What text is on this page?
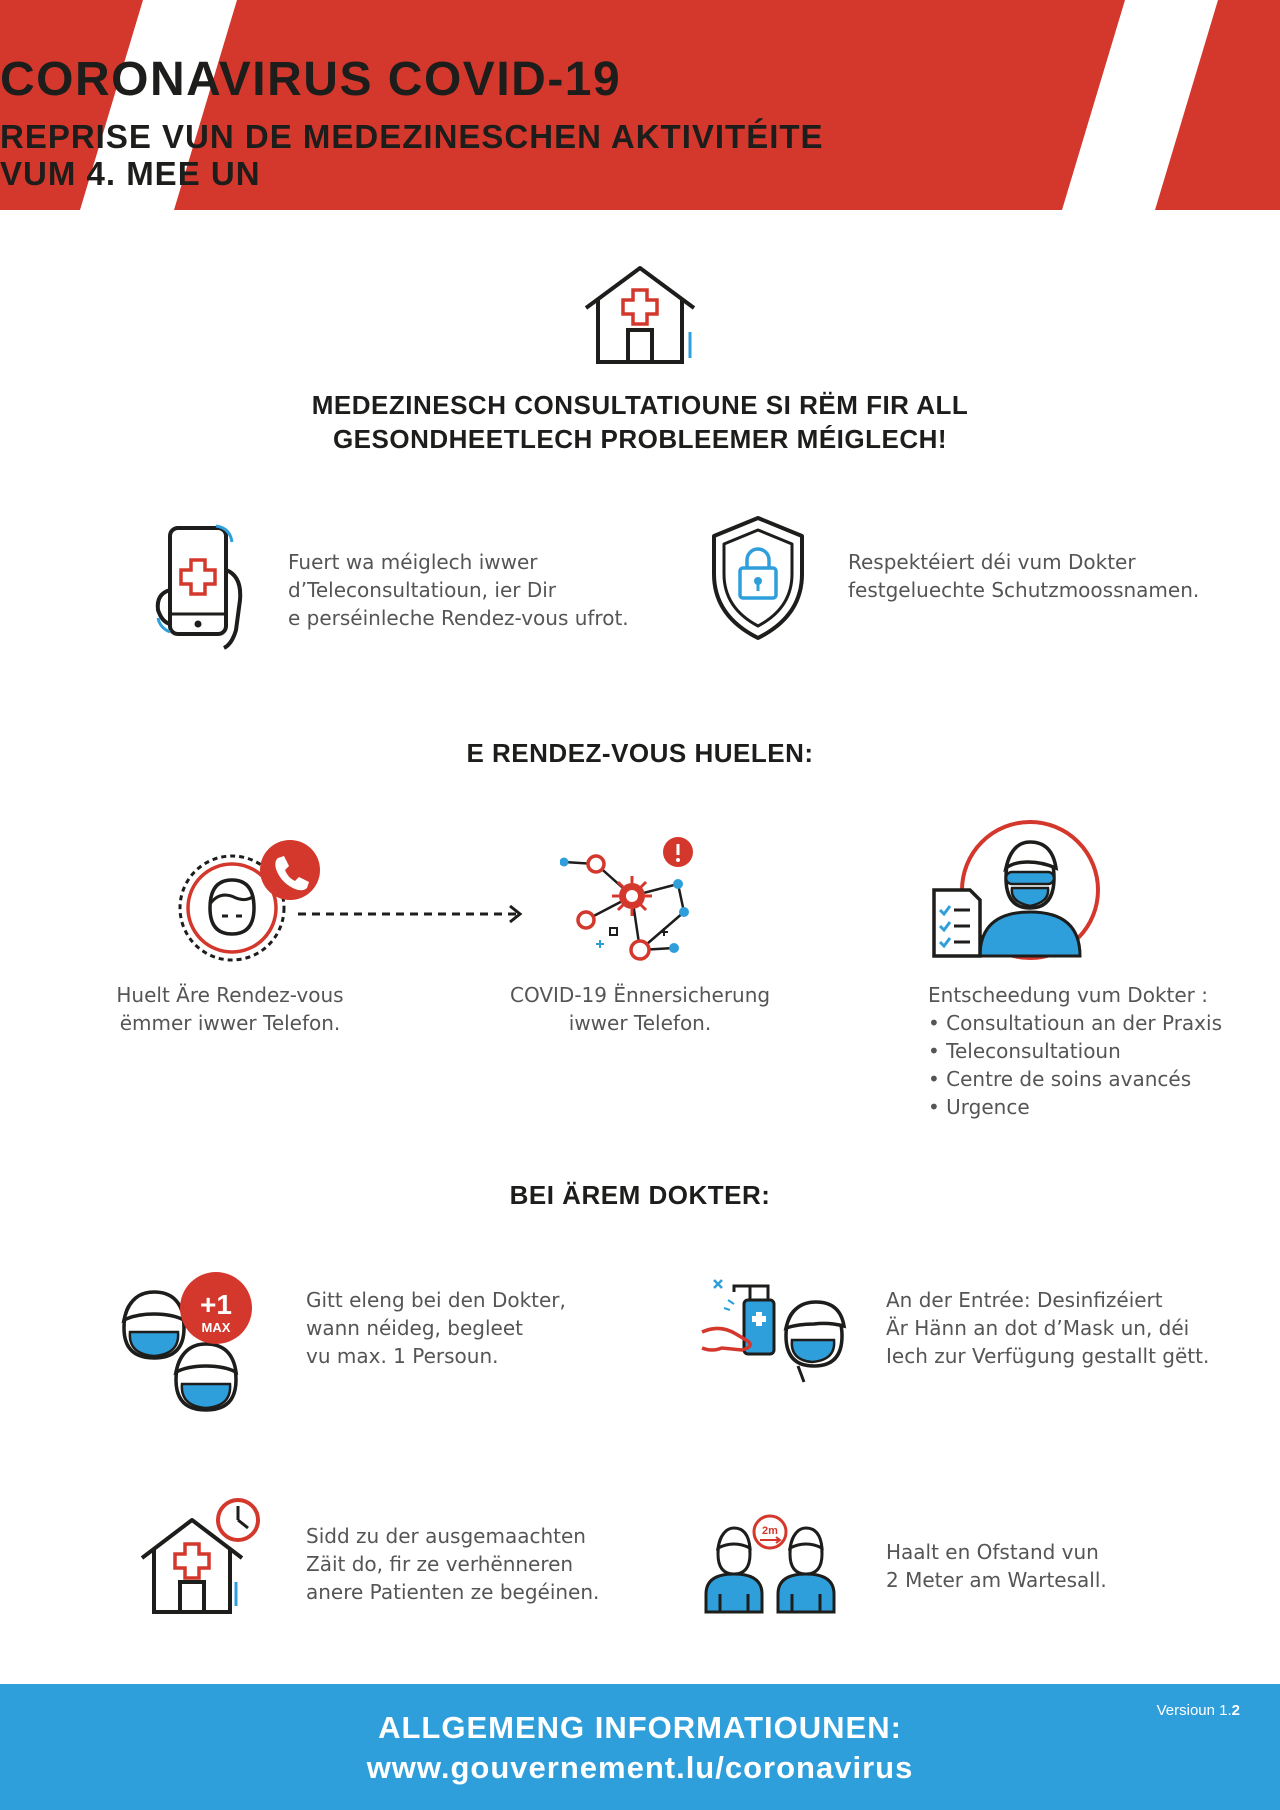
CORONAVIRUS COVID-19
REPRISE VUN DE MEDEZINESCHEN AKTIVITÉITE
VUM 4. MEE UN
MEDEZINESCH CONSULTATIOUNE SI RËM FIR ALL
GESONDHEETLECH PROBLEEMER MÉIGLECH!
Fuert wa méiglech iwwer
d’Teleconsultatioun, ier Dir
e perséinleche Rendez-vous ufrot.
Respektéiert déi vum Dokter
festgeluechte Schutzmoossnamen.
E RENDEZ-VOUS HUELEN:
Huelt Äre Rendez-vous
ëmmer iwwer Telefon.
COVID-19 Ënnersicherung
iwwer Telefon.
Entscheedung vum Dokter :
• Consultatioun an der Praxis
• Teleconsultatioun
• Centre de soins avancés
• Urgence
BEI ÄREM DOKTER:
+1
MAX
Gitt eleng bei den Dokter,
wann néideg, begleet
vu max. 1 Persoun.
An der Entrée: Desinfizéiert
Är Hänn an dot d’Mask un, déi
Iech zur Verfügung gestallt gëtt.
Sidd zu der ausgemaachten
Zäit do, fir ze verhënneren
anere Patienten ze begéinen.
2m
Haalt en Ofstand vun
2 Meter am Wartesall.
Versioun 1.2
ALLGEMENG INFORMATIOUNEN:
www.gouvernement.lu/coronavirus
